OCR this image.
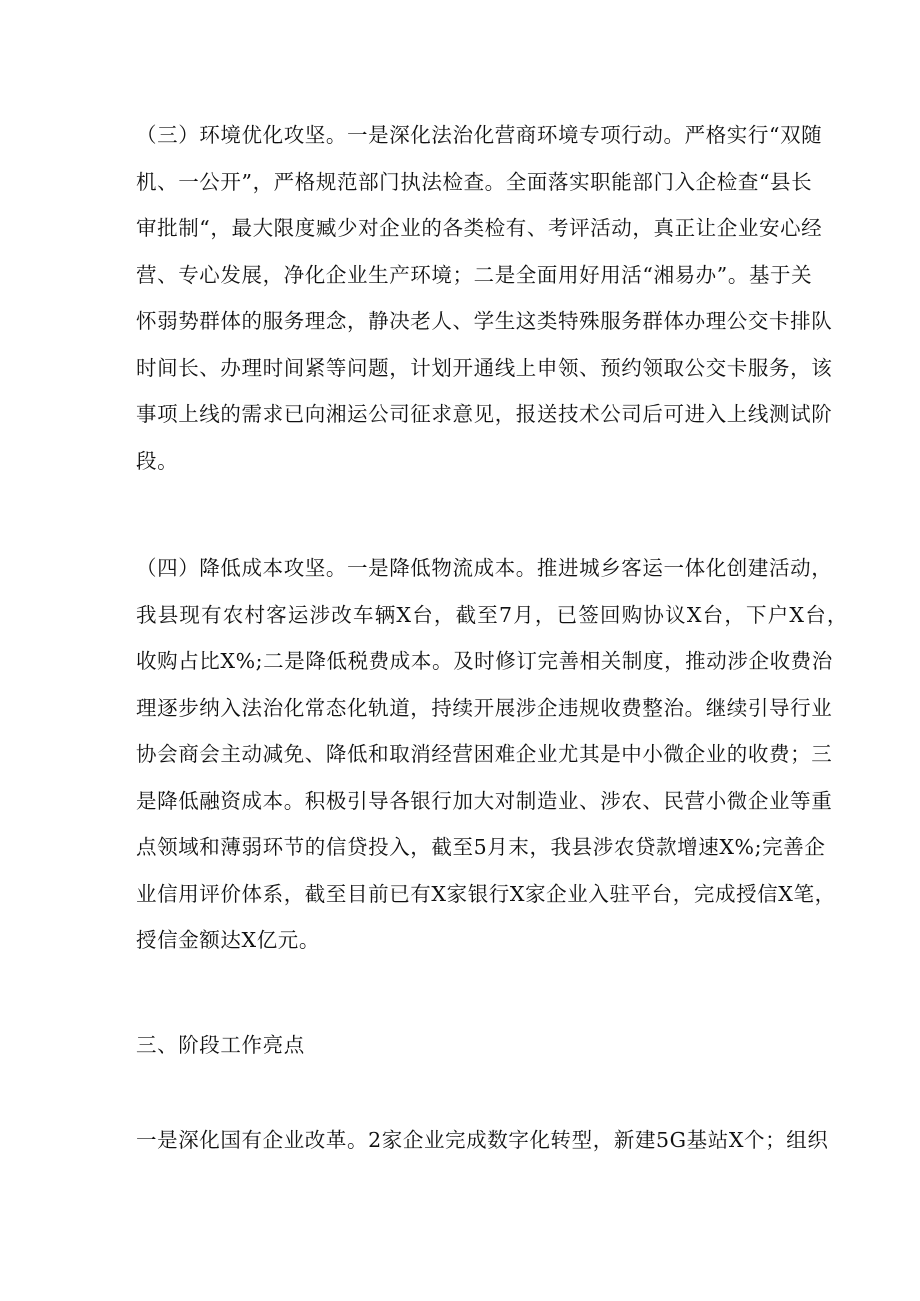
（三）环境优化攻坚。一是深化法治化营商环境专项行动。严格实行“双随
机、一公开”，严格规范部门执法检查。全面落实职能部门入企检查“县长
审批制“，最大限度臧少对企业的各类检有、考评活动，真正让企业安心经
营、专心发展，净化企业生产环境；二是全面用好用活“湘易办”。基于关
怀弱势群体的服务理念，静决老人、学生这类特殊服务群体办理公交卡排队
时间长、办理时间紧等问题，计划开通线上申领、预约领取公交卡服务，该
事项上线的需求已向湘运公司征求意见，报送技术公司后可进入上线测试阶
段。
（四）降低成本攻坚。一是降低物流成本。推进城乡客运一体化创建活动，
我县现有农村客运涉改车辆X台，截至7月，已签回购协议X台，下户X台，
收购占比X%;二是降低税费成本。及时修订完善相关制度，推动涉企收费治
理逐步纳入法治化常态化轨道，持续开展涉企违规收费整治。继续引导行业
协会商会主动减免、降低和取消经营困难企业尤其是中小微企业的收费；三
是降低融资成本。积极引导各银行加大对制造业、涉农、民营小微企业等重
点领域和薄弱环节的信贷投入，截至5月末，我县涉农贷款增速X%;完善企
业信用评价体系，截至目前已有X家银行X家企业入驻平台，完成授信X笔，
授信金额达X亿元。
三、阶段工作亮点
一是深化国有企业改革。2家企业完成数字化转型，新建5G基站X个；组织
